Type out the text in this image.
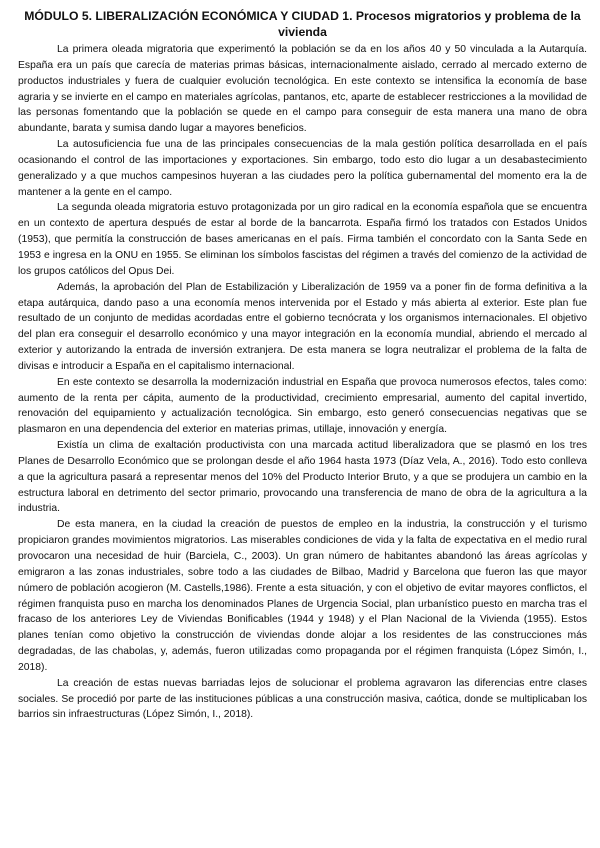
MÓDULO 5. LIBERALIZACIÓN ECONÓMICA Y CIUDAD 1. Procesos migratorios y problema de la vivienda

La primera oleada migratoria que experimentó la población se da en los años 40 y 50 vinculada a la Autarquía. España era un país que carecía de materias primas básicas, internacionalmente aislado, cerrado al mercado externo de productos industriales y fuera de cualquier evolución tecnológica. En este contexto se intensifica la economía de base agraria y se invierte en el campo en materiales agrícolas, pantanos, etc, aparte de establecer restricciones a la movilidad de las personas fomentando que la población se quede en el campo para conseguir de esta manera una mano de obra abundante, barata y sumisa dando lugar a mayores beneficios.

La autosuficiencia fue una de las principales consecuencias de la mala gestión política desarrollada en el país ocasionando el control de las importaciones y exportaciones. Sin embargo, todo esto dio lugar a un desabastecimiento generalizado y a que muchos campesinos huyeran a las ciudades pero la política gubernamental del momento era la de mantener a la gente en el campo.

La segunda oleada migratoria estuvo protagonizada por un giro radical en la economía española que se encuentra en un contexto de apertura después de estar al borde de la bancarrota. España firmó los tratados con Estados Unidos (1953), que permitía la construcción de bases americanas en el país. Firma también el concordato con la Santa Sede en 1953 e ingresa en la ONU en 1955. Se eliminan los símbolos fascistas del régimen a través del comienzo de la actividad de los grupos católicos del Opus Dei.

Además, la aprobación del Plan de Estabilización y Liberalización de 1959 va a poner fin de forma definitiva a la etapa autárquica, dando paso a una economía menos intervenida por el Estado y más abierta al exterior. Este plan fue resultado de un conjunto de medidas acordadas entre el gobierno tecnócrata y los organismos internacionales. El objetivo del plan era conseguir el desarrollo económico y una mayor integración en la economía mundial, abriendo el mercado al exterior y autorizando la entrada de inversión extranjera. De esta manera se logra neutralizar el problema de la falta de divisas e introducir a España en el capitalismo internacional.

En este contexto se desarrolla la modernización industrial en España que provoca numerosos efectos, tales como: aumento de la renta per cápita, aumento de la productividad, crecimiento empresarial, aumento del capital invertido, renovación del equipamiento y actualización tecnológica. Sin embargo, esto generó consecuencias negativas que se plasmaron en una dependencia del exterior en materias primas, utillaje, innovación y energía.

Existía un clima de exaltación productivista con una marcada actitud liberalizadora que se plasmó en los tres Planes de Desarrollo Económico que se prolongan desde el año 1964 hasta 1973 (Díaz Vela, A., 2016). Todo esto conlleva a que la agricultura pasará a representar menos del 10% del Producto Interior Bruto, y a que se produjera un cambio en la estructura laboral en detrimento del sector primario, provocando una transferencia de mano de obra de la agricultura a la industria.

De esta manera, en la ciudad la creación de puestos de empleo en la industria, la construcción y el turismo propiciaron grandes movimientos migratorios. Las miserables condiciones de vida y la falta de expectativa en el medio rural provocaron una necesidad de huir (Barciela, C., 2003). Un gran número de habitantes abandonó las áreas agrícolas y emigraron a las zonas industriales, sobre todo a las ciudades de Bilbao, Madrid y Barcelona que fueron las que mayor número de población acogieron (M. Castells,1986). Frente a esta situación, y con el objetivo de evitar mayores conflictos, el régimen franquista puso en marcha los denominados Planes de Urgencia Social, plan urbanístico puesto en marcha tras el fracaso de los anteriores Ley de Viviendas Bonificables (1944 y 1948) y el Plan Nacional de la Vivienda (1955). Estos planes tenían como objetivo la construcción de viviendas donde alojar a los residentes de las construcciones más degradadas, de las chabolas, y, además, fueron utilizadas como propaganda por el régimen franquista (López Simón, I., 2018).

La creación de estas nuevas barriadas lejos de solucionar el problema agravaron las diferencias entre clases sociales. Se procedió por parte de las instituciones públicas a una construcción masiva, caótica, donde se multiplicaban los barrios sin infraestructuras (López Simón, I., 2018).
